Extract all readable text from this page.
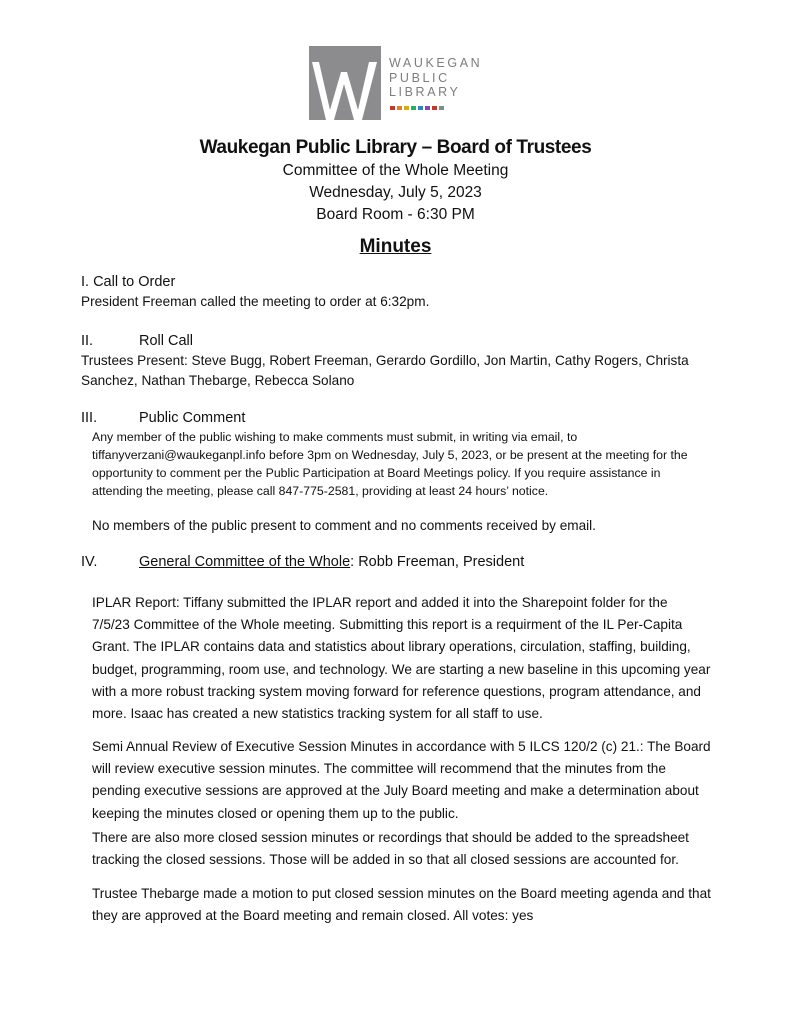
WAUKEGAN
PUBLIC
LIBRARY
Waukegan Public Library – Board of Trustees
Committee of the Whole Meeting
Wednesday, July 5, 2023
Board Room - 6:30 PM
Minutes
I. Call to Order
President Freeman called the meeting to order at 6:32pm.
II.	Roll Call
Trustees Present: Steve Bugg, Robert Freeman, Gerardo Gordillo, Jon Martin, Cathy Rogers, Christa
Sanchez, Nathan Thebarge, Rebecca Solano
III.	Public Comment
Any member of the public wishing to make comments must submit, in writing via email, to
tiffanyverzani@waukeganpl.info before 3pm on Wednesday, July 5, 2023, or be present at the meeting for the
opportunity to comment per the Public Participation at Board Meetings policy. If you require assistance in
attending the meeting, please call 847-775-2581, providing at least 24 hours’ notice.
No members of the public present to comment and no comments received by email.
IV.	General Committee of the Whole: Robb Freeman, President
IPLAR Report: Tiffany submitted the IPLAR report and added it into the Sharepoint folder for the
7/5/23 Committee of the Whole meeting. Submitting this report is a requirment of the IL Per-Capita
Grant. The IPLAR contains data and statistics about library operations, circulation, staffing, building,
budget, programming, room use, and technology. We are starting a new baseline in this upcoming year
with a more robust tracking system moving forward for reference questions, program attendance, and
more. Isaac has created a new statistics tracking system for all staff to use.
Semi Annual Review of Executive Session Minutes in accordance with 5 ILCS 120/2 (c) 21.: The Board
will review executive session minutes. The committee will recommend that the minutes from the
pending executive sessions are approved at the July Board meeting and make a determination about
keeping the minutes closed or opening them up to the public.
There are also more closed session minutes or recordings that should be added to the spreadsheet
tracking the closed sessions. Those will be added in so that all closed sessions are accounted for.
Trustee Thebarge made a motion to put closed session minutes on the Board meeting agenda and that
they are approved at the Board meeting and remain closed. All votes: yes
